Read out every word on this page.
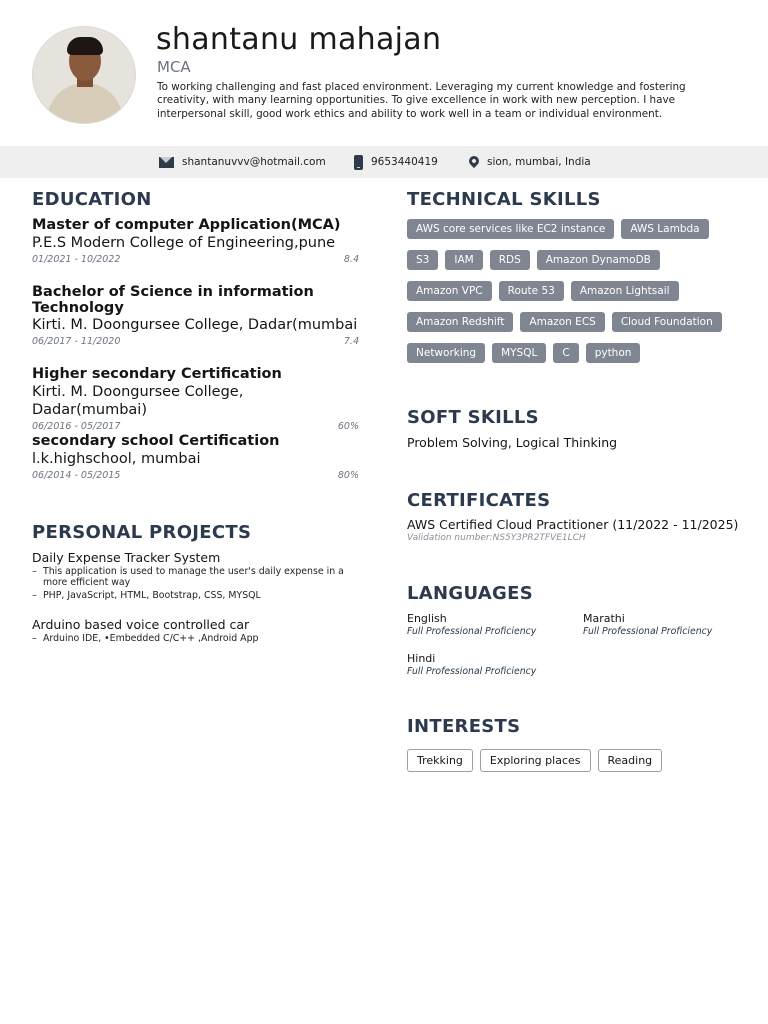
shantanu mahajan
MCA
To working challenging and fast placed environment. Leveraging my current knowledge and fostering creativity, with many learning opportunities. To give excellence in work with new perception. I have interpersonal skill, good work ethics and ability to work well in a team or individual environment.
shantanuvvv@hotmail.com	9653440419	sion, mumbai, India
EDUCATION
Master of computer Application(MCA)
P.E.S Modern College of Engineering,pune
01/2021 - 10/2022	8.4
Bachelor of Science in information Technology
Kirti. M. Doongursee College, Dadar(mumbai
06/2017 - 11/2020	7.4
Higher secondary Certification
Kirti. M. Doongursee College, Dadar(mumbai)
06/2016 - 05/2017	60%
secondary school Certification
l.k.highschool, mumbai
06/2014 - 05/2015	80%
PERSONAL PROJECTS
Daily Expense Tracker System
– This application is used to manage the user's daily expense in a more efficient way
– PHP, JavaScript, HTML, Bootstrap, CSS, MYSQL
Arduino based voice controlled car
– Arduino IDE, •Embedded C/C++ ,Android App
TECHNICAL SKILLS
AWS core services like EC2 instance	AWS Lambda
S3	IAM	RDS	Amazon DynamoDB
Amazon VPC	Route 53	Amazon Lightsail
Amazon Redshift	Amazon ECS	Cloud Foundation
Networking	MYSQL	C	python
SOFT SKILLS
Problem Solving, Logical Thinking
CERTIFICATES
AWS Certified Cloud Practitioner (11/2022 - 11/2025)
Validation number:NS5Y3PR2TFVE1LCH
LANGUAGES
English
Full Professional Proficiency
Marathi
Full Professional Proficiency
Hindi
Full Professional Proficiency
INTERESTS
Trekking	Exploring places	Reading
